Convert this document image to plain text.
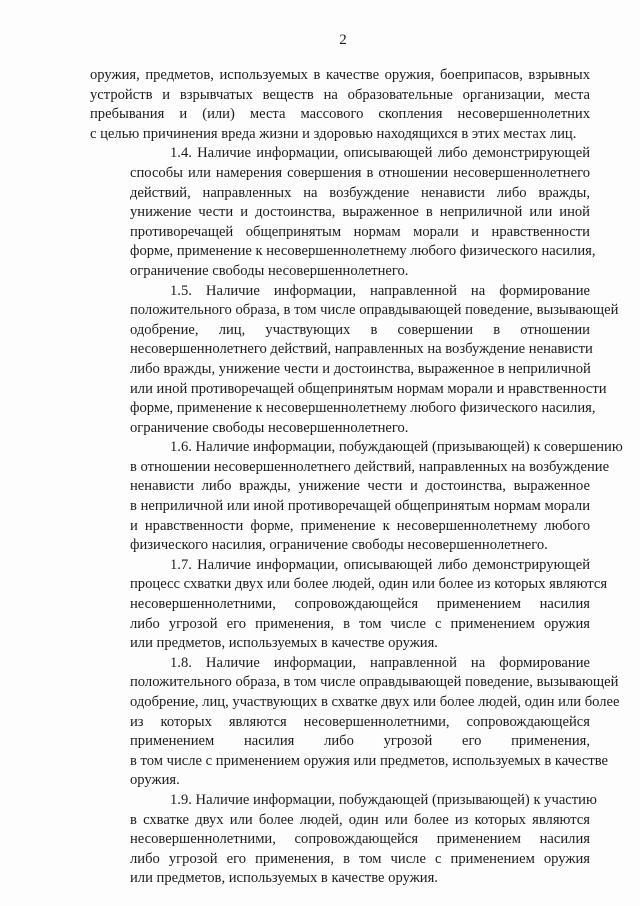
2
оружия, предметов, используемых в качестве оружия, боеприпасов, взрывных
устройств и взрывчатых веществ на образовательные организации, места
пребывания и (или) места массового скопления несовершеннолетних
с целью причинения вреда жизни и здоровью находящихся в этих местах лиц.
1.4. Наличие информации, описывающей либо демонстрирующей
способы или намерения совершения в отношении несовершеннолетнего
действий, направленных на возбуждение ненависти либо вражды,
унижение чести и достоинства, выраженное в неприличной или иной
противоречащей общепринятым нормам морали и нравственности
форме, применение к несовершеннолетнему любого физического насилия,
ограничение свободы несовершеннолетнего.
1.5. Наличие информации, направленной на формирование
положительного образа, в том числе оправдывающей поведение, вызывающей
одобрение, лиц, участвующих в совершении в отношении
несовершеннолетнего действий, направленных на возбуждение ненависти
либо вражды, унижение чести и достоинства, выраженное в неприличной
или иной противоречащей общепринятым нормам морали и нравственности
форме, применение к несовершеннолетнему любого физического насилия,
ограничение свободы несовершеннолетнего.
1.6. Наличие информации, побуждающей (призывающей) к совершению
в отношении несовершеннолетнего действий, направленных на возбуждение
ненависти либо вражды, унижение чести и достоинства, выраженное
в неприличной или иной противоречащей общепринятым нормам морали
и нравственности форме, применение к несовершеннолетнему любого
физического насилия, ограничение свободы несовершеннолетнего.
1.7. Наличие информации, описывающей либо демонстрирующей
процесс схватки двух или более людей, один или более из которых являются
несовершеннолетними, сопровождающейся применением насилия
либо угрозой его применения, в том числе с применением оружия
или предметов, используемых в качестве оружия.
1.8. Наличие информации, направленной на формирование
положительного образа, в том числе оправдывающей поведение, вызывающей
одобрение, лиц, участвующих в схватке двух или более людей, один или более
из которых являются несовершеннолетними, сопровождающейся
применением насилия либо угрозой его применения,
в том числе с применением оружия или предметов, используемых в качестве
оружия.
1.9. Наличие информации, побуждающей (призывающей) к участию
в схватке двух или более людей, один или более из которых являются
несовершеннолетними, сопровождающейся применением насилия
либо угрозой его применения, в том числе с применением оружия
или предметов, используемых в качестве оружия.
